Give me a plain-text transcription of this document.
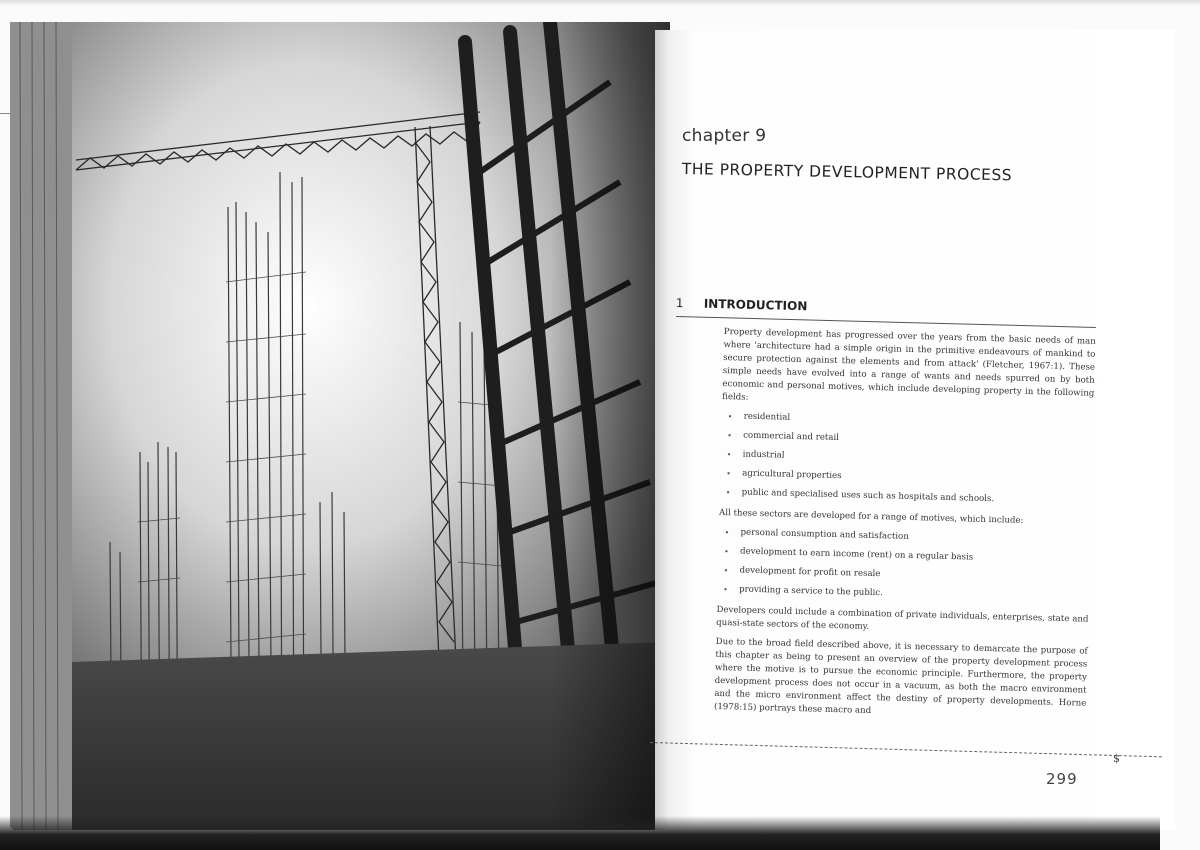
chapter 9
THE PROPERTY DEVELOPMENT PROCESS
1 INTRODUCTION

Property development has progressed over the years from the basic needs of man where 'architecture had a simple origin in the primitive endeavours of mankind to secure protection against the elements and from attack' (Fletcher, 1967:1). These simple needs have evolved into a range of wants and needs spurred on by both economic and personal motives, which include developing property in the following fields:

• residential
• commercial and retail
• industrial
• agricultural properties
• public and specialised uses such as hospitals and schools.

All these sectors are developed for a range of motives, which include:

• personal consumption and satisfaction
• development to earn income (rent) on a regular basis
• development for profit on resale
• providing a service to the public.

Developers could include a combination of private individuals, enterprises, state and quasi-state sectors of the economy.

Due to the broad field described above, it is necessary to demarcate the purpose of this chapter as being to present an overview of the property development process where the motive is to pursue the economic principle. Furthermore, the property development process does not occur in a vacuum, as both the macro environment and the micro environment affect the destiny of property developments. Horne (1978:15) portrays these macro and

$
299
